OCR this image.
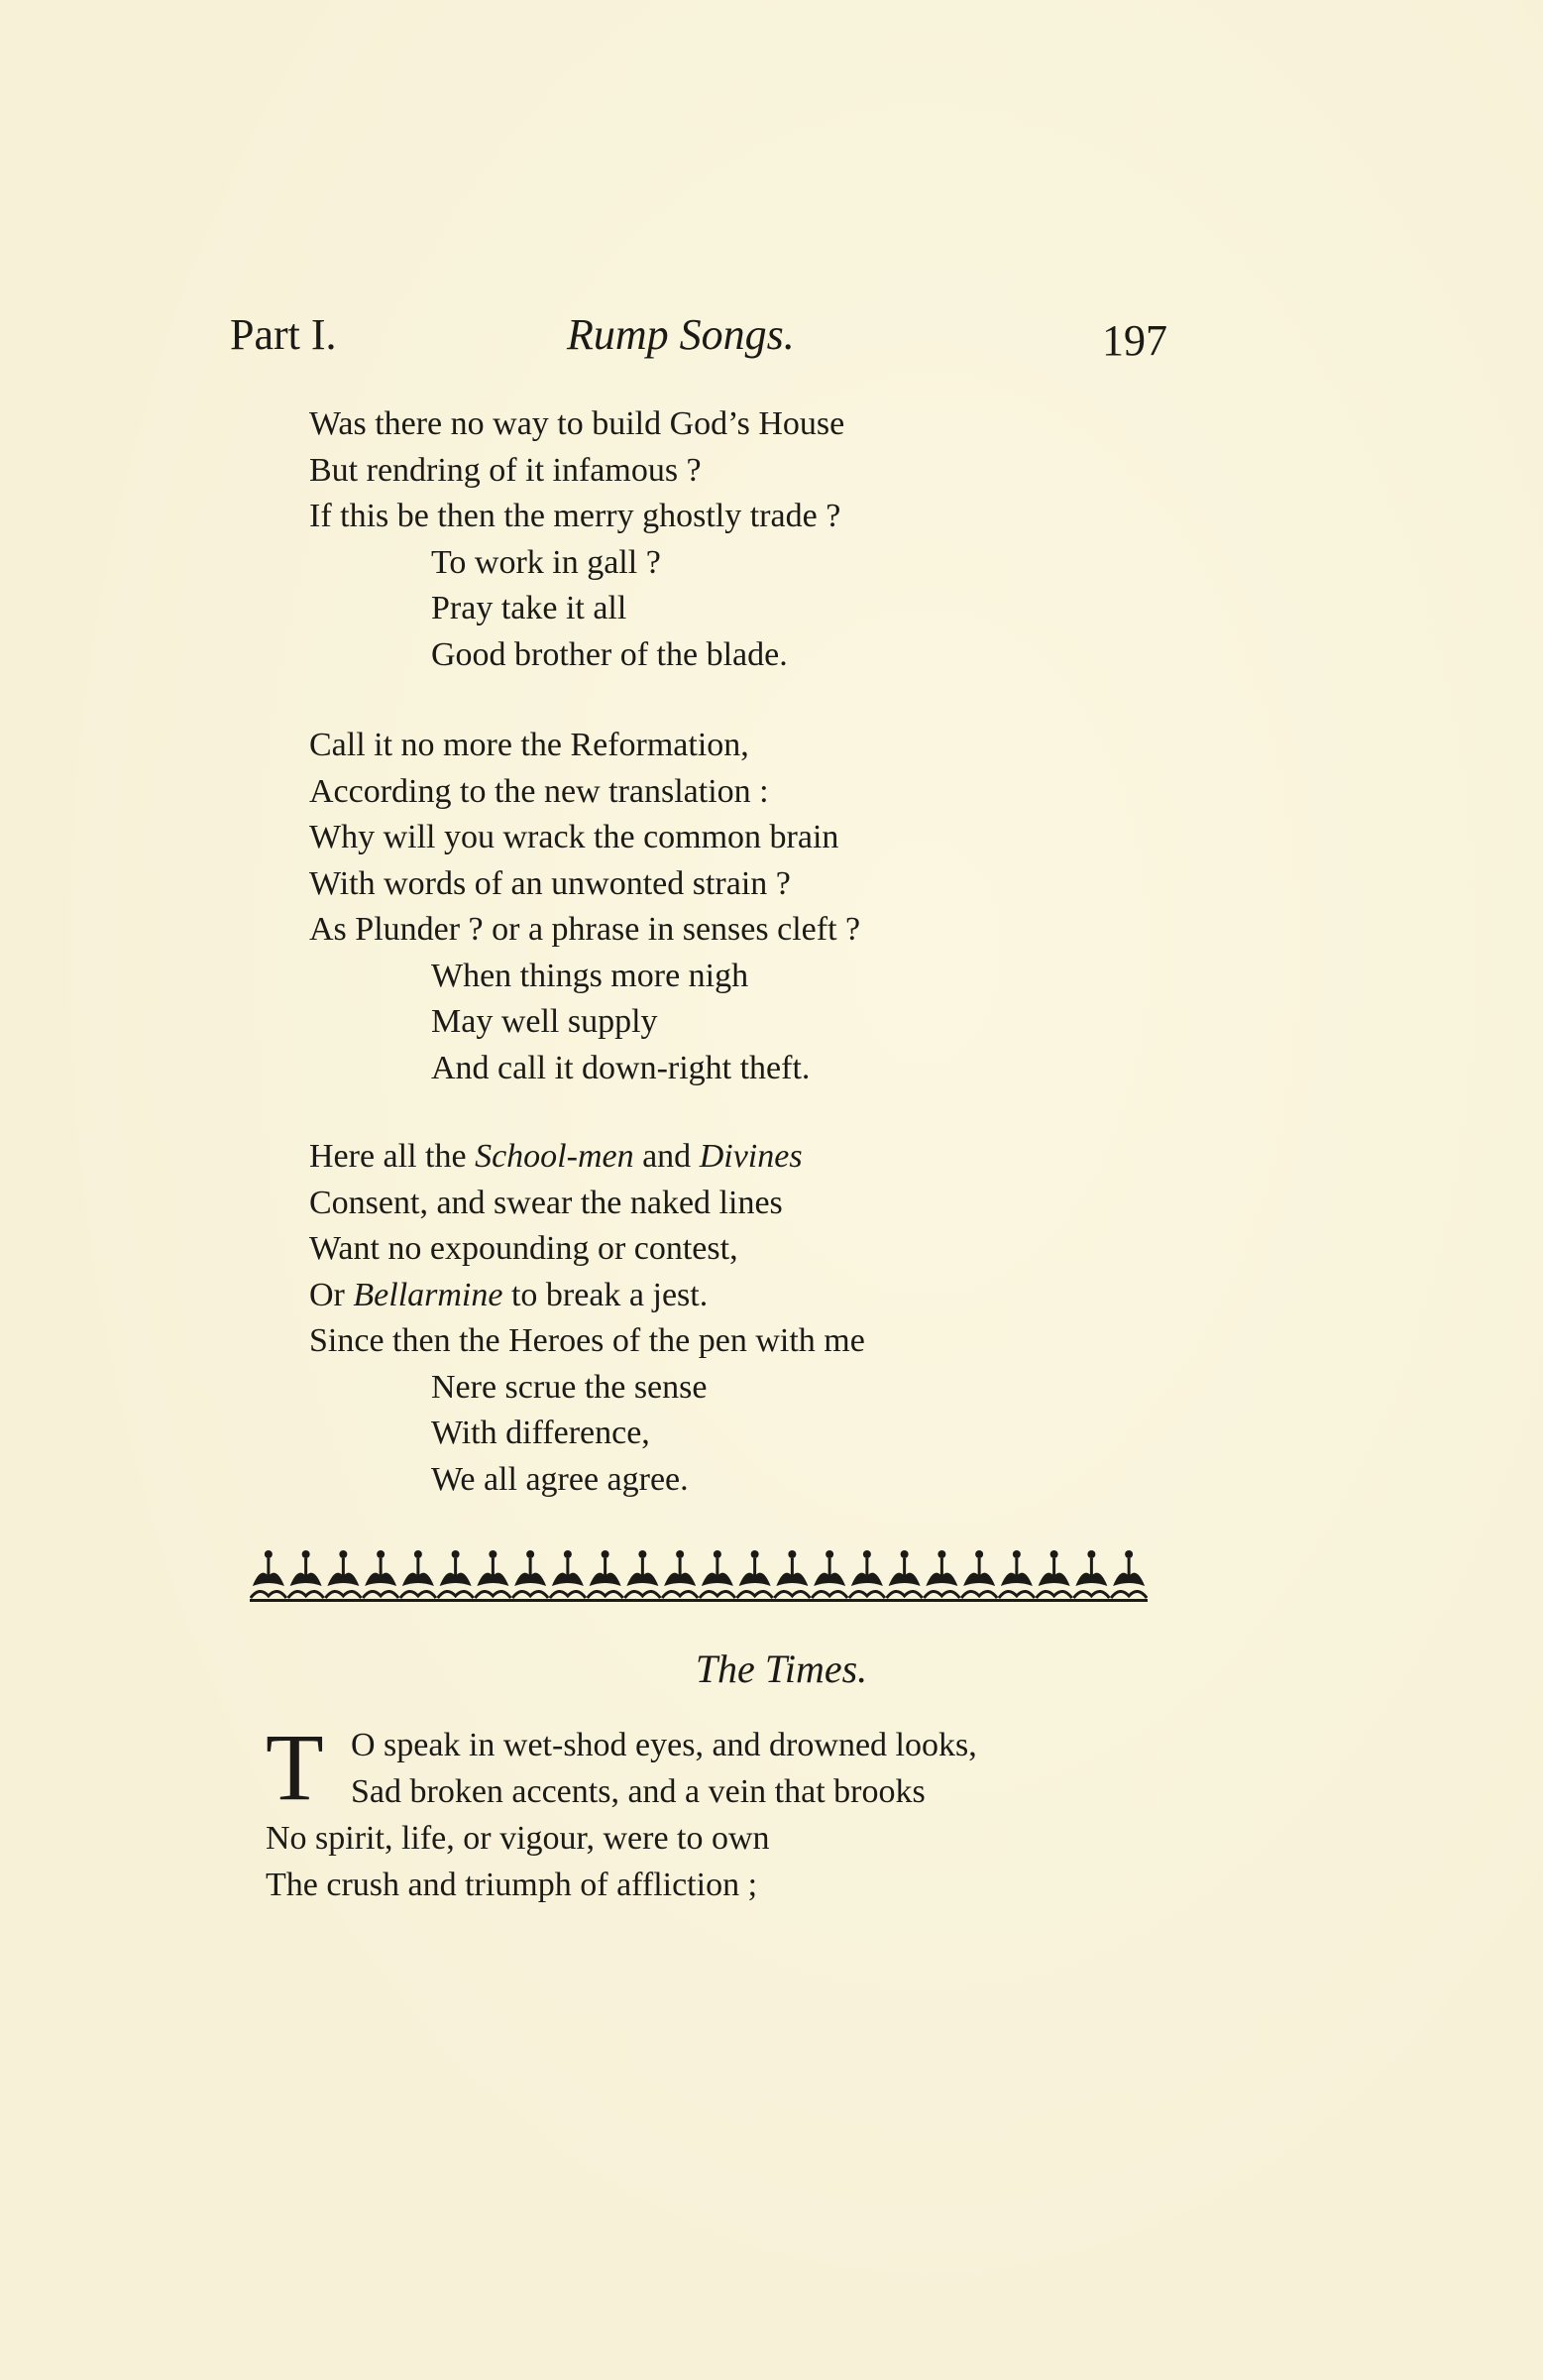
Part I.	Rump Songs.	197
Was there no way to build God’s House
But rendring of it infamous ?
If this be then the merry ghostly trade ?
To work in gall ?
Pray take it all
Good brother of the blade.
Call it no more the Reformation,
According to the new translation :
Why will you wrack the common brain
With words of an unwonted strain ?
As Plunder ? or a phrase in senses cleft ?
When things more nigh
May well supply
And call it down-right theft.
Here all the School-men and Divines
Consent, and swear the naked lines
Want no expounding or contest,
Or Bellarmine to break a jest.
Since then the Heroes of the pen with me
Nere scrue the sense
With difference,
We all agree agree.
The Times.
T O speak in wet-shod eyes, and drowned looks,
Sad broken accents, and a vein that brooks
No spirit, life, or vigour, were to own
The crush and triumph of affliction ;
